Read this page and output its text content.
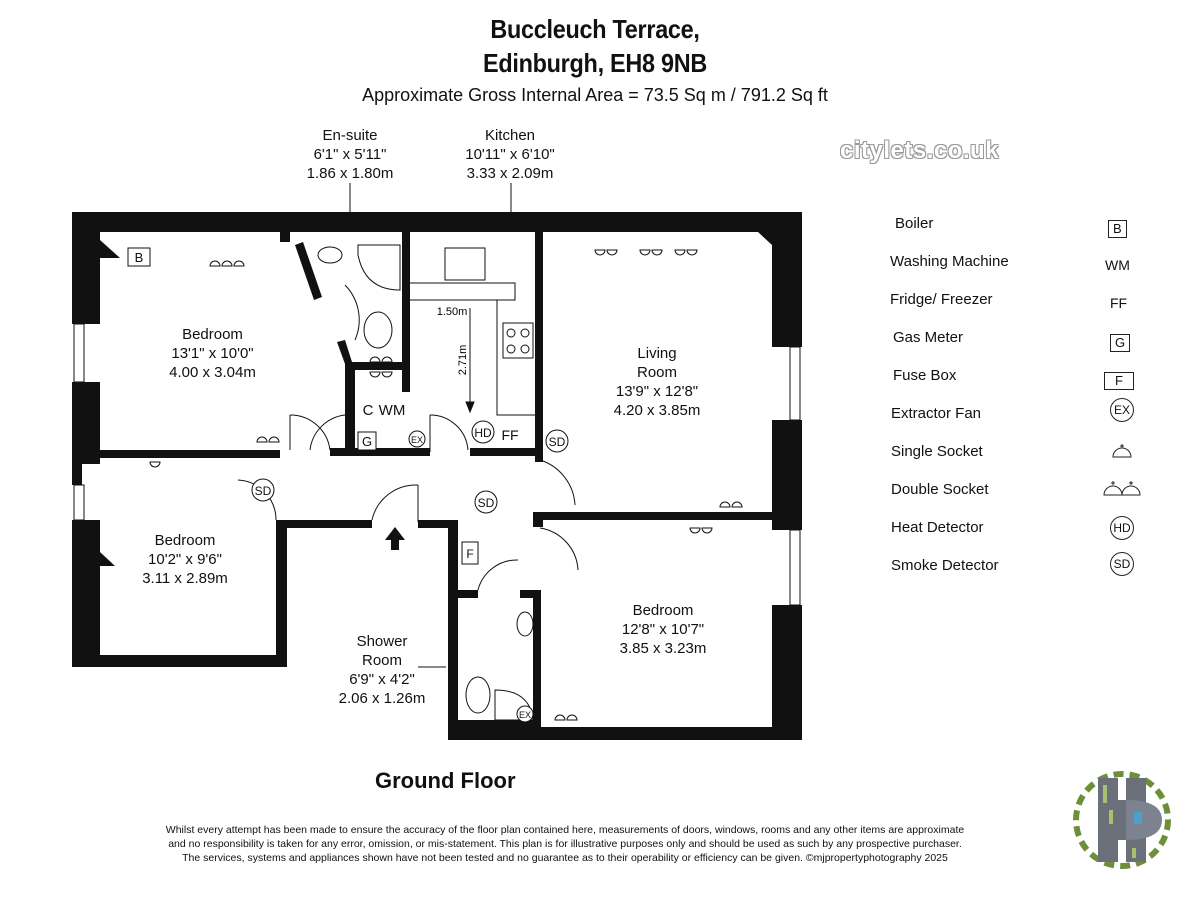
Buccleuch Terrace,
Edinburgh, EH8 9NB
Approximate Gross Internal Area = 73.5 Sq m / 791.2 Sq ft
citylets.co.uk
En-suite
6'1" x 5'11"
1.86 x 1.80m
Kitchen
10'11" x 6'10"
3.33 x 2.09m
1.50m
2.71m
B
G
F
EX
EX
HD
SD
SD
SD
C WM
FF
Bedroom
13'1" x 10'0"
4.00 x 3.04m
Living
Room
13'9" x 12'8"
4.20 x 3.85m
Bedroom
10'2" x 9'6"
3.11 x 2.89m
Bedroom
12'8" x 10'7"
3.85 x 3.23m
Shower
Room
6'9" x 4'2"
2.06 x 1.26m
Boiler	B
Washing Machine	WM
Fridge/ Freezer	FF
Gas Meter	G
Fuse Box	F
Extractor Fan	EX
Single Socket
Double Socket
Heat Detector	HD
Smoke Detector	SD
Ground Floor
Whilst every attempt has been made to ensure the accuracy of the floor plan contained here, measurements of doors, windows, rooms and any other items are approximate
and no responsibility is taken for any error, omission, or mis-statement. This plan is for illustrative purposes only and should be used as such by any prospective purchaser.
The services, systems and appliances shown have not been tested and no guarantee as to their operability or efficiency can be given. ©mjpropertyphotography 2025
